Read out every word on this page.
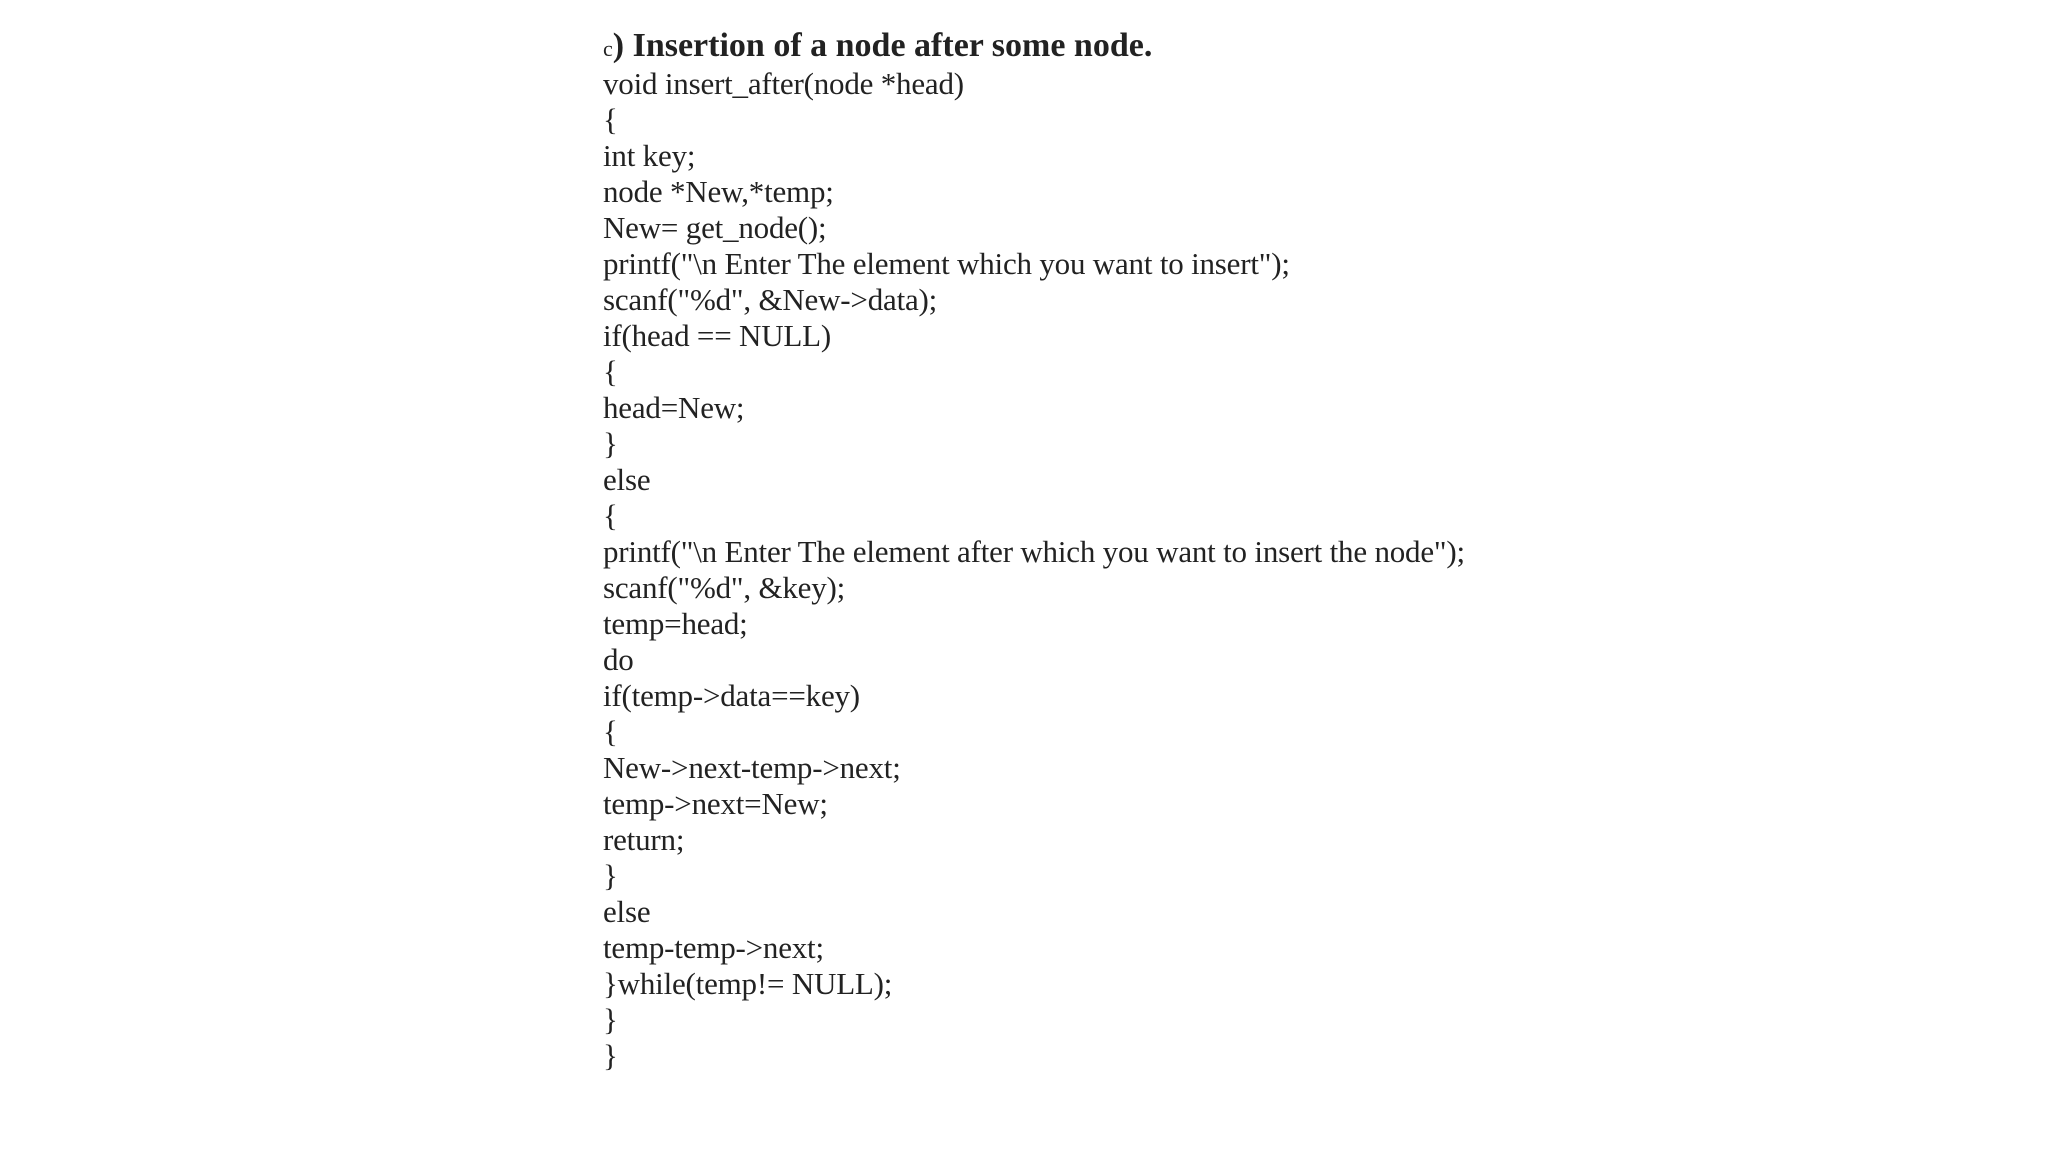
c) Insertion of a node after some node.
void insert_after(node *head)
{
int key;
node *New,*temp;
New= get_node();
printf("\n Enter The element which you want to insert");
scanf("%d", &New->data);
if(head == NULL)
{
head=New;
}
else
{
printf("\n Enter The element after which you want to insert the node");
scanf("%d", &key);
temp=head;
do
if(temp->data==key)
{
New->next-temp->next;
temp->next=New;
return;
}
else
temp-temp->next;
}while(temp!= NULL);
}
}
